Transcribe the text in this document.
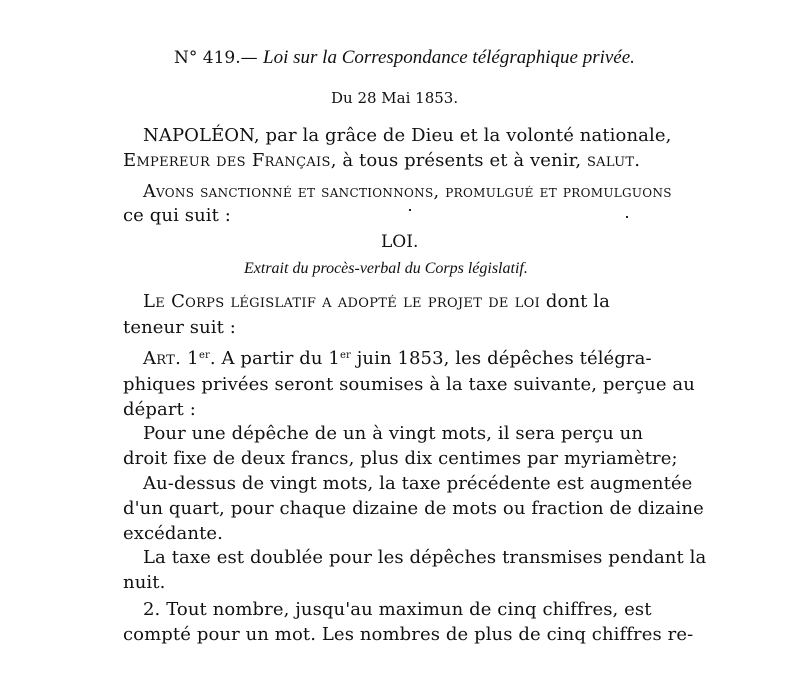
N° 419.— Loi sur la Correspondance télégraphique privée.
Du 28 Mai 1853.
NAPOLÉON, par la grâce de Dieu et la volonté nationale,
Empereur des Français, à tous présents et à venir, salut.
Avons sanctionné et sanctionnons, promulgué et promulguons
ce qui suit :
LOI.
Extrait du procès-verbal du Corps législatif.
Le Corps législatif a adopté le projet de loi dont la
teneur suit :
Art. 1er. A partir du 1er juin 1853, les dépêches télégra-
phiques privées seront soumises à la taxe suivante, perçue au
départ :
Pour une dépêche de un à vingt mots, il sera perçu un
droit fixe de deux francs, plus dix centimes par myriamètre;
Au-dessus de vingt mots, la taxe précédente est augmentée
d'un quart, pour chaque dizaine de mots ou fraction de dizaine
excédante.
La taxe est doublée pour les dépêches transmises pendant la
nuit.
2. Tout nombre, jusqu'au maximun de cinq chiffres, est
compté pour un mot. Les nombres de plus de cinq chiffres re-
